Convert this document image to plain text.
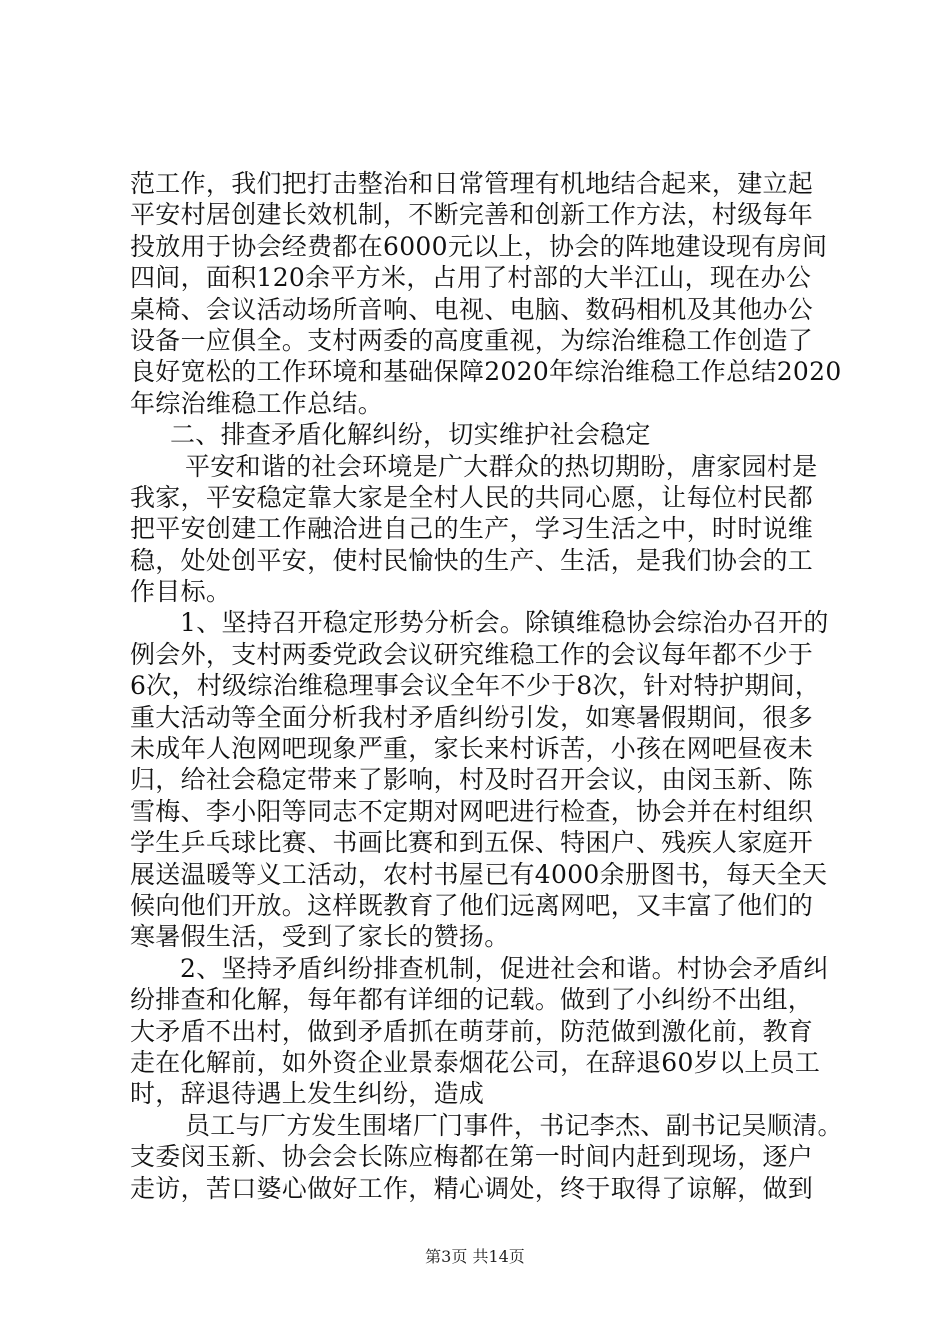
范工作，我们把打击整治和日常管理有机地结合起来，建立起
平安村居创建长效机制，不断完善和创新工作方法，村级每年
投放用于协会经费都在6000元以上，协会的阵地建设现有房间
四间，面积120余平方米，占用了村部的大半江山，现在办公
桌椅、会议活动场所音响、电视、电脑、数码相机及其他办公
设备一应俱全。支村两委的高度重视，为综治维稳工作创造了
良好宽松的工作环境和基础保障2020年综治维稳工作总结2020
年综治维稳工作总结。
二、排查矛盾化解纠纷，切实维护社会稳定
平安和谐的社会环境是广大群众的热切期盼，唐家园村是
我家，平安稳定靠大家是全村人民的共同心愿，让每位村民都
把平安创建工作融洽进自己的生产，学习生活之中，时时说维
稳，处处创平安，使村民愉快的生产、生活，是我们协会的工
作目标。
1、坚持召开稳定形势分析会。除镇维稳协会综治办召开的
例会外，支村两委党政会议研究维稳工作的会议每年都不少于
6次，村级综治维稳理事会议全年不少于8次，针对特护期间，
重大活动等全面分析我村矛盾纠纷引发，如寒暑假期间，很多
未成年人泡网吧现象严重，家长来村诉苦，小孩在网吧昼夜未
归，给社会稳定带来了影响，村及时召开会议，由闵玉新、陈
雪梅、李小阳等同志不定期对网吧进行检查，协会并在村组织
学生乒乓球比赛、书画比赛和到五保、特困户、残疾人家庭开
展送温暖等义工活动，农村书屋已有4000余册图书，每天全天
候向他们开放。这样既教育了他们远离网吧，又丰富了他们的
寒暑假生活，受到了家长的赞扬。
2、坚持矛盾纠纷排查机制，促进社会和谐。村协会矛盾纠
纷排查和化解，每年都有详细的记载。做到了小纠纷不出组，
大矛盾不出村，做到矛盾抓在萌芽前，防范做到激化前，教育
走在化解前，如外资企业景泰烟花公司，在辞退60岁以上员工
时，辞退待遇上发生纠纷，造成
员工与厂方发生围堵厂门事件，书记李杰、副书记吴顺清。
支委闵玉新、协会会长陈应梅都在第一时间内赶到现场，逐户
走访，苦口婆心做好工作，精心调处，终于取得了谅解，做到
第3页 共14页
